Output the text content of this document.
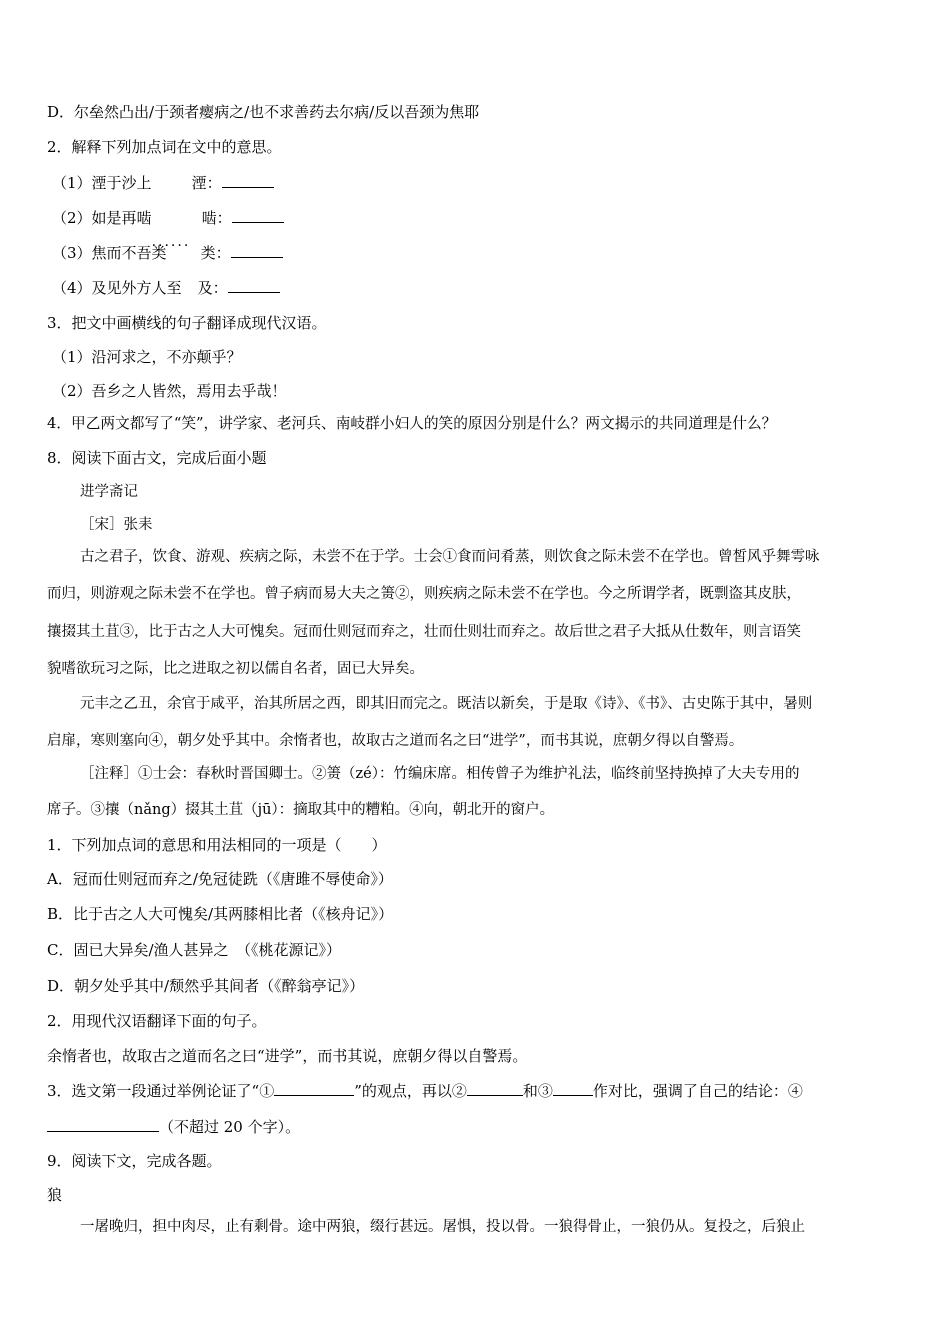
D．尔垒然凸出/于颈者瘿病之/也不求善药去尔病/反以吾颈为焦耶
2．解释下列加点词在文中的意思。
（1）湮于沙上	湮：
（2）如是再啮
......
啮：
（3）焦而不吾类 类：
（4）及见外方人至 及：
3．把文中画横线的句子翻译成现代汉语。
（1）沿河求之，不亦颠乎？
（2）吾乡之人皆然，焉用去乎哉！
4．甲乙两文都写了“笑”，讲学家、老河兵、南岐群小妇人的笑的原因分别是什么？两文揭示的共同道理是什么？
8．阅读下面古文，完成后面小题
进学斋记
［宋］张耒
古之君子，饮食、游观、疾病之际，未尝不在于学。士会①食而问肴蒸，则饮食之际未尝不在学也。曾皙风乎舞雩咏
而归，则游观之际未尝不在学也。曾子病而易大夫之箦②，则疾病之际未尝不在学也。今之所谓学者，既剽盗其皮肤，
攘掇其土苴③，比于古之人大可愧矣。冠而仕则冠而弃之，壮而仕则壮而弃之。故后世之君子大抵从仕数年，则言语笑
貌嗜欲玩习之际，比之进取之初以儒自名者，固已大异矣。
元丰之乙丑，余官于咸平，治其所居之西，即其旧而完之。既洁以新矣，于是取《诗》、《书》、古史陈于其中，暑则
启扉，寒则塞向④，朝夕处乎其中。余惰者也，故取古之道而名之曰“进学”，而书其说，庶朝夕得以自警焉。
［注释］①士会：春秋时晋国卿士。②箦（zé）：竹编床席。相传曾子为维护礼法，临终前坚持换掉了大夫专用的
席子。③攘（nǎng）掇其土苴（jū）：摘取其中的糟粕。④向，朝北开的窗户。
1．下列加点词的意思和用法相同的一项是（　　）
A．冠而仕则冠而弃之/免冠徒跣（《唐雎不辱使命》）
B．比于古之人大可愧矣/其两膝相比者（《核舟记》）
C．固已大异矣/渔人甚异之　（《桃花源记》）
D．朝夕处乎其中/颓然乎其间者（《醉翁亭记》）
2．用现代汉语翻译下面的句子。
余惰者也，故取古之道而名之曰“进学”，而书其说，庶朝夕得以自警焉。
3．选文第一段通过举例论证了“①	”的观点，再以②	和③	作对比，强调了自己的结论：④
（不超过 20 个字）。
9．阅读下文，完成各题。
狼
一屠晚归，担中肉尽，止有剩骨。途中两狼，缀行甚远。屠惧，投以骨。一狼得骨止，一狼仍从。复投之，后狼止
